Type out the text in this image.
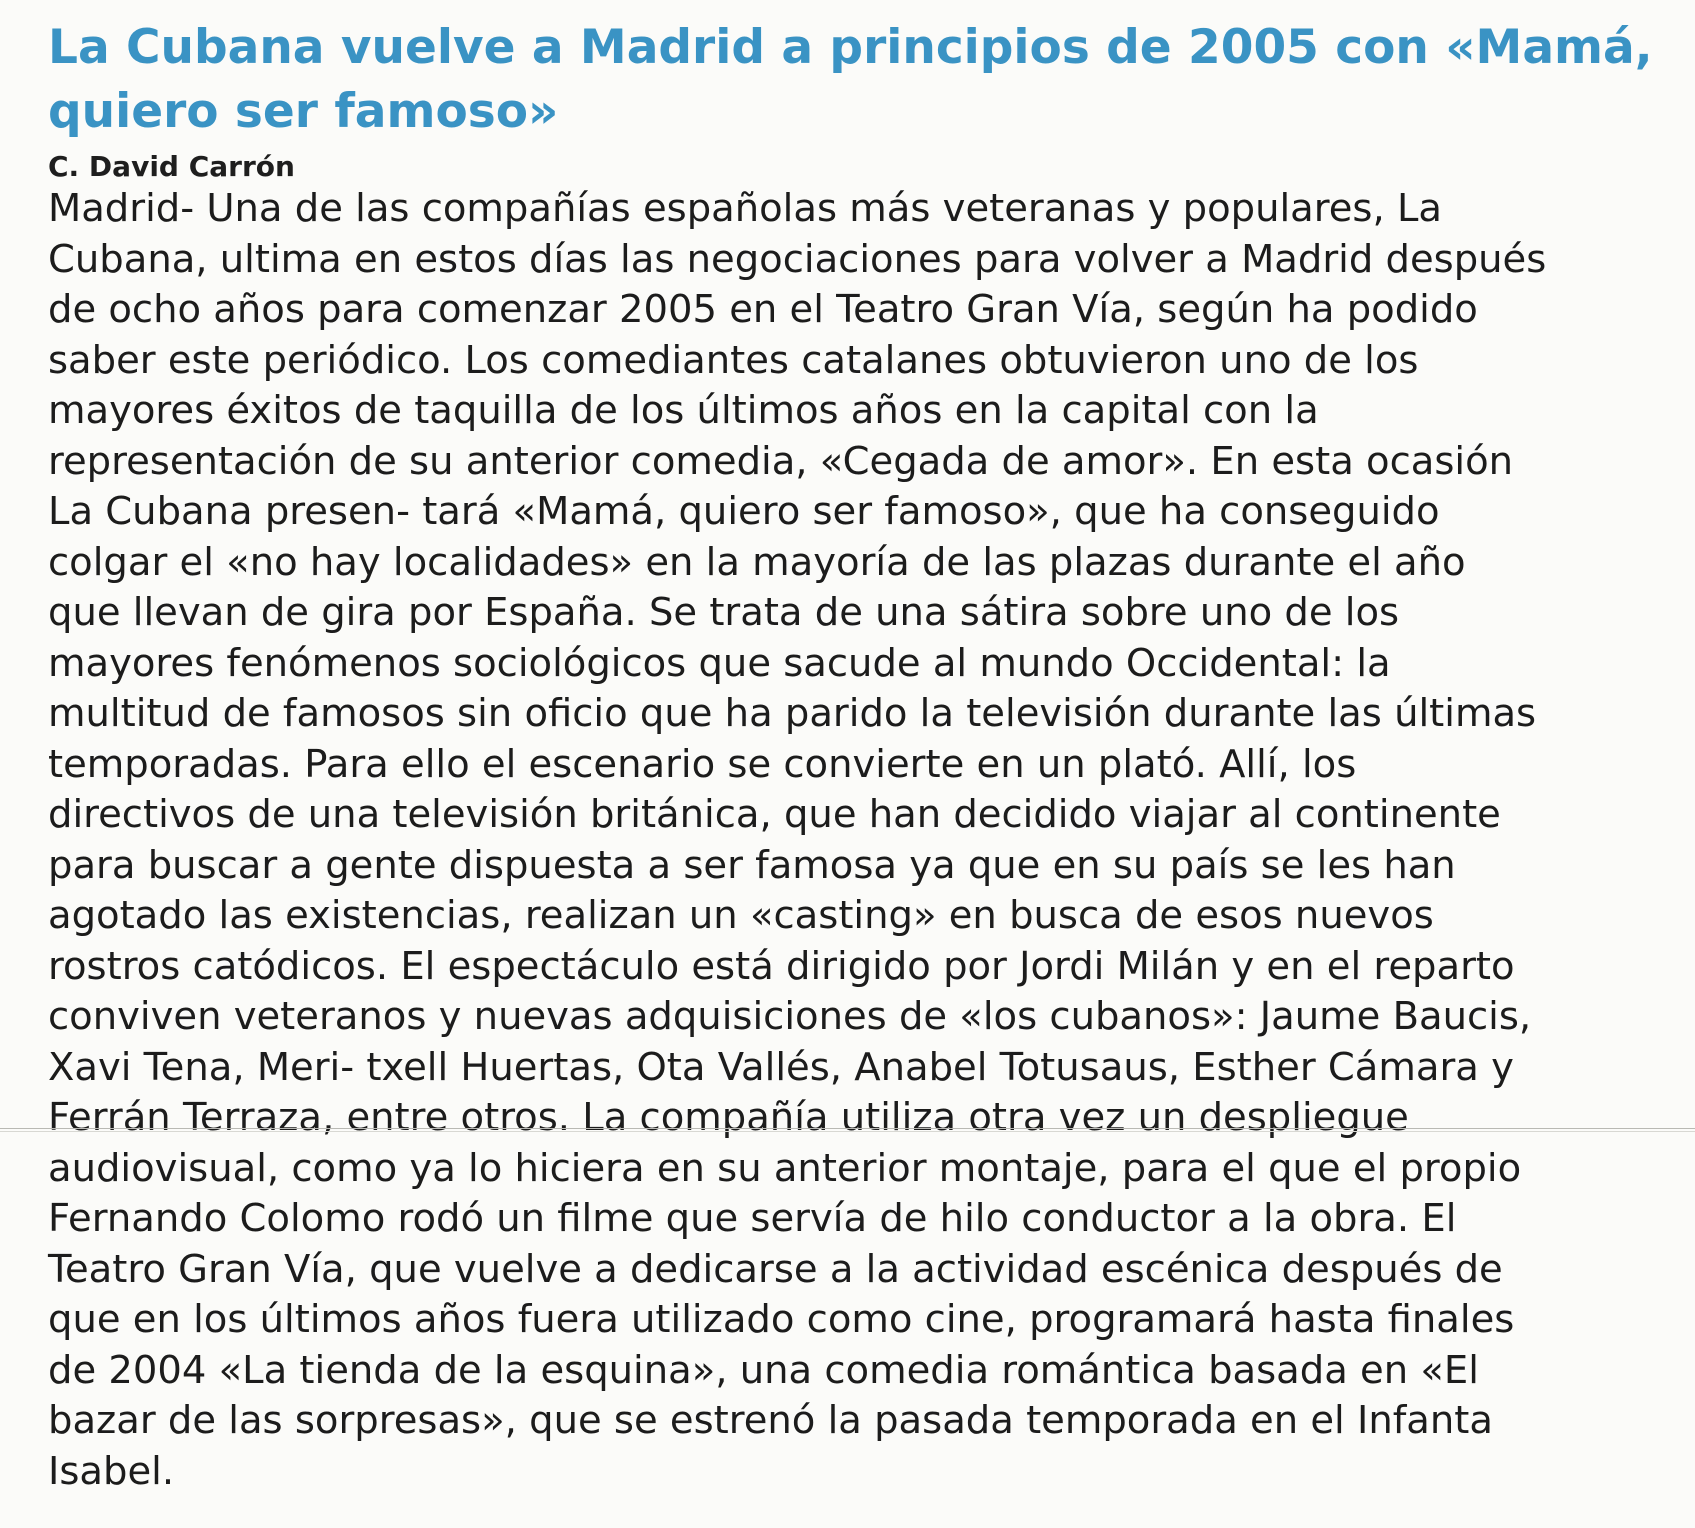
La Cubana vuelve a Madrid a principios de 2005 con «Mamá,
quiero ser famoso»
C. David Carrón

Madrid- Una de las compañías españolas más veteranas y populares, La
Cubana, ultima en estos días las negociaciones para volver a Madrid después
de ocho años para comenzar 2005 en el Teatro Gran Vía, según ha podido
saber este periódico. Los comediantes catalanes obtuvieron uno de los
mayores éxitos de taquilla de los últimos años en la capital con la
representación de su anterior comedia, «Cegada de amor». En esta ocasión
La Cubana presen- tará «Mamá, quiero ser famoso», que ha conseguido
colgar el «no hay localidades» en la mayoría de las plazas durante el año
que llevan de gira por España. Se trata de una sátira sobre uno de los
mayores fenómenos sociológicos que sacude al mundo Occidental: la
multitud de famosos sin oficio que ha parido la televisión durante las últimas
temporadas. Para ello el escenario se convierte en un plató. Allí, los
directivos de una televisión británica, que han decidido viajar al continente
para buscar a gente dispuesta a ser famosa ya que en su país se les han
agotado las existencias, realizan un «casting» en busca de esos nuevos
rostros catódicos. El espectáculo está dirigido por Jordi Milán y en el reparto
conviven veteranos y nuevas adquisiciones de «los cubanos»: Jaume Baucis,
Xavi Tena, Meri- txell Huertas, Ota Vallés, Anabel Totusaus, Esther Cámara y
Ferrán Terraza, entre otros. La compañía utiliza otra vez un despliegue
audiovisual, como ya lo hiciera en su anterior montaje, para el que el propio
Fernando Colomo rodó un filme que servía de hilo conductor a la obra. El
Teatro Gran Vía, que vuelve a dedicarse a la actividad escénica después de
que en los últimos años fuera utilizado como cine, programará hasta finales
de 2004 «La tienda de la esquina», una comedia romántica basada en «El
bazar de las sorpresas», que se estrenó la pasada temporada en el Infanta
Isabel.
